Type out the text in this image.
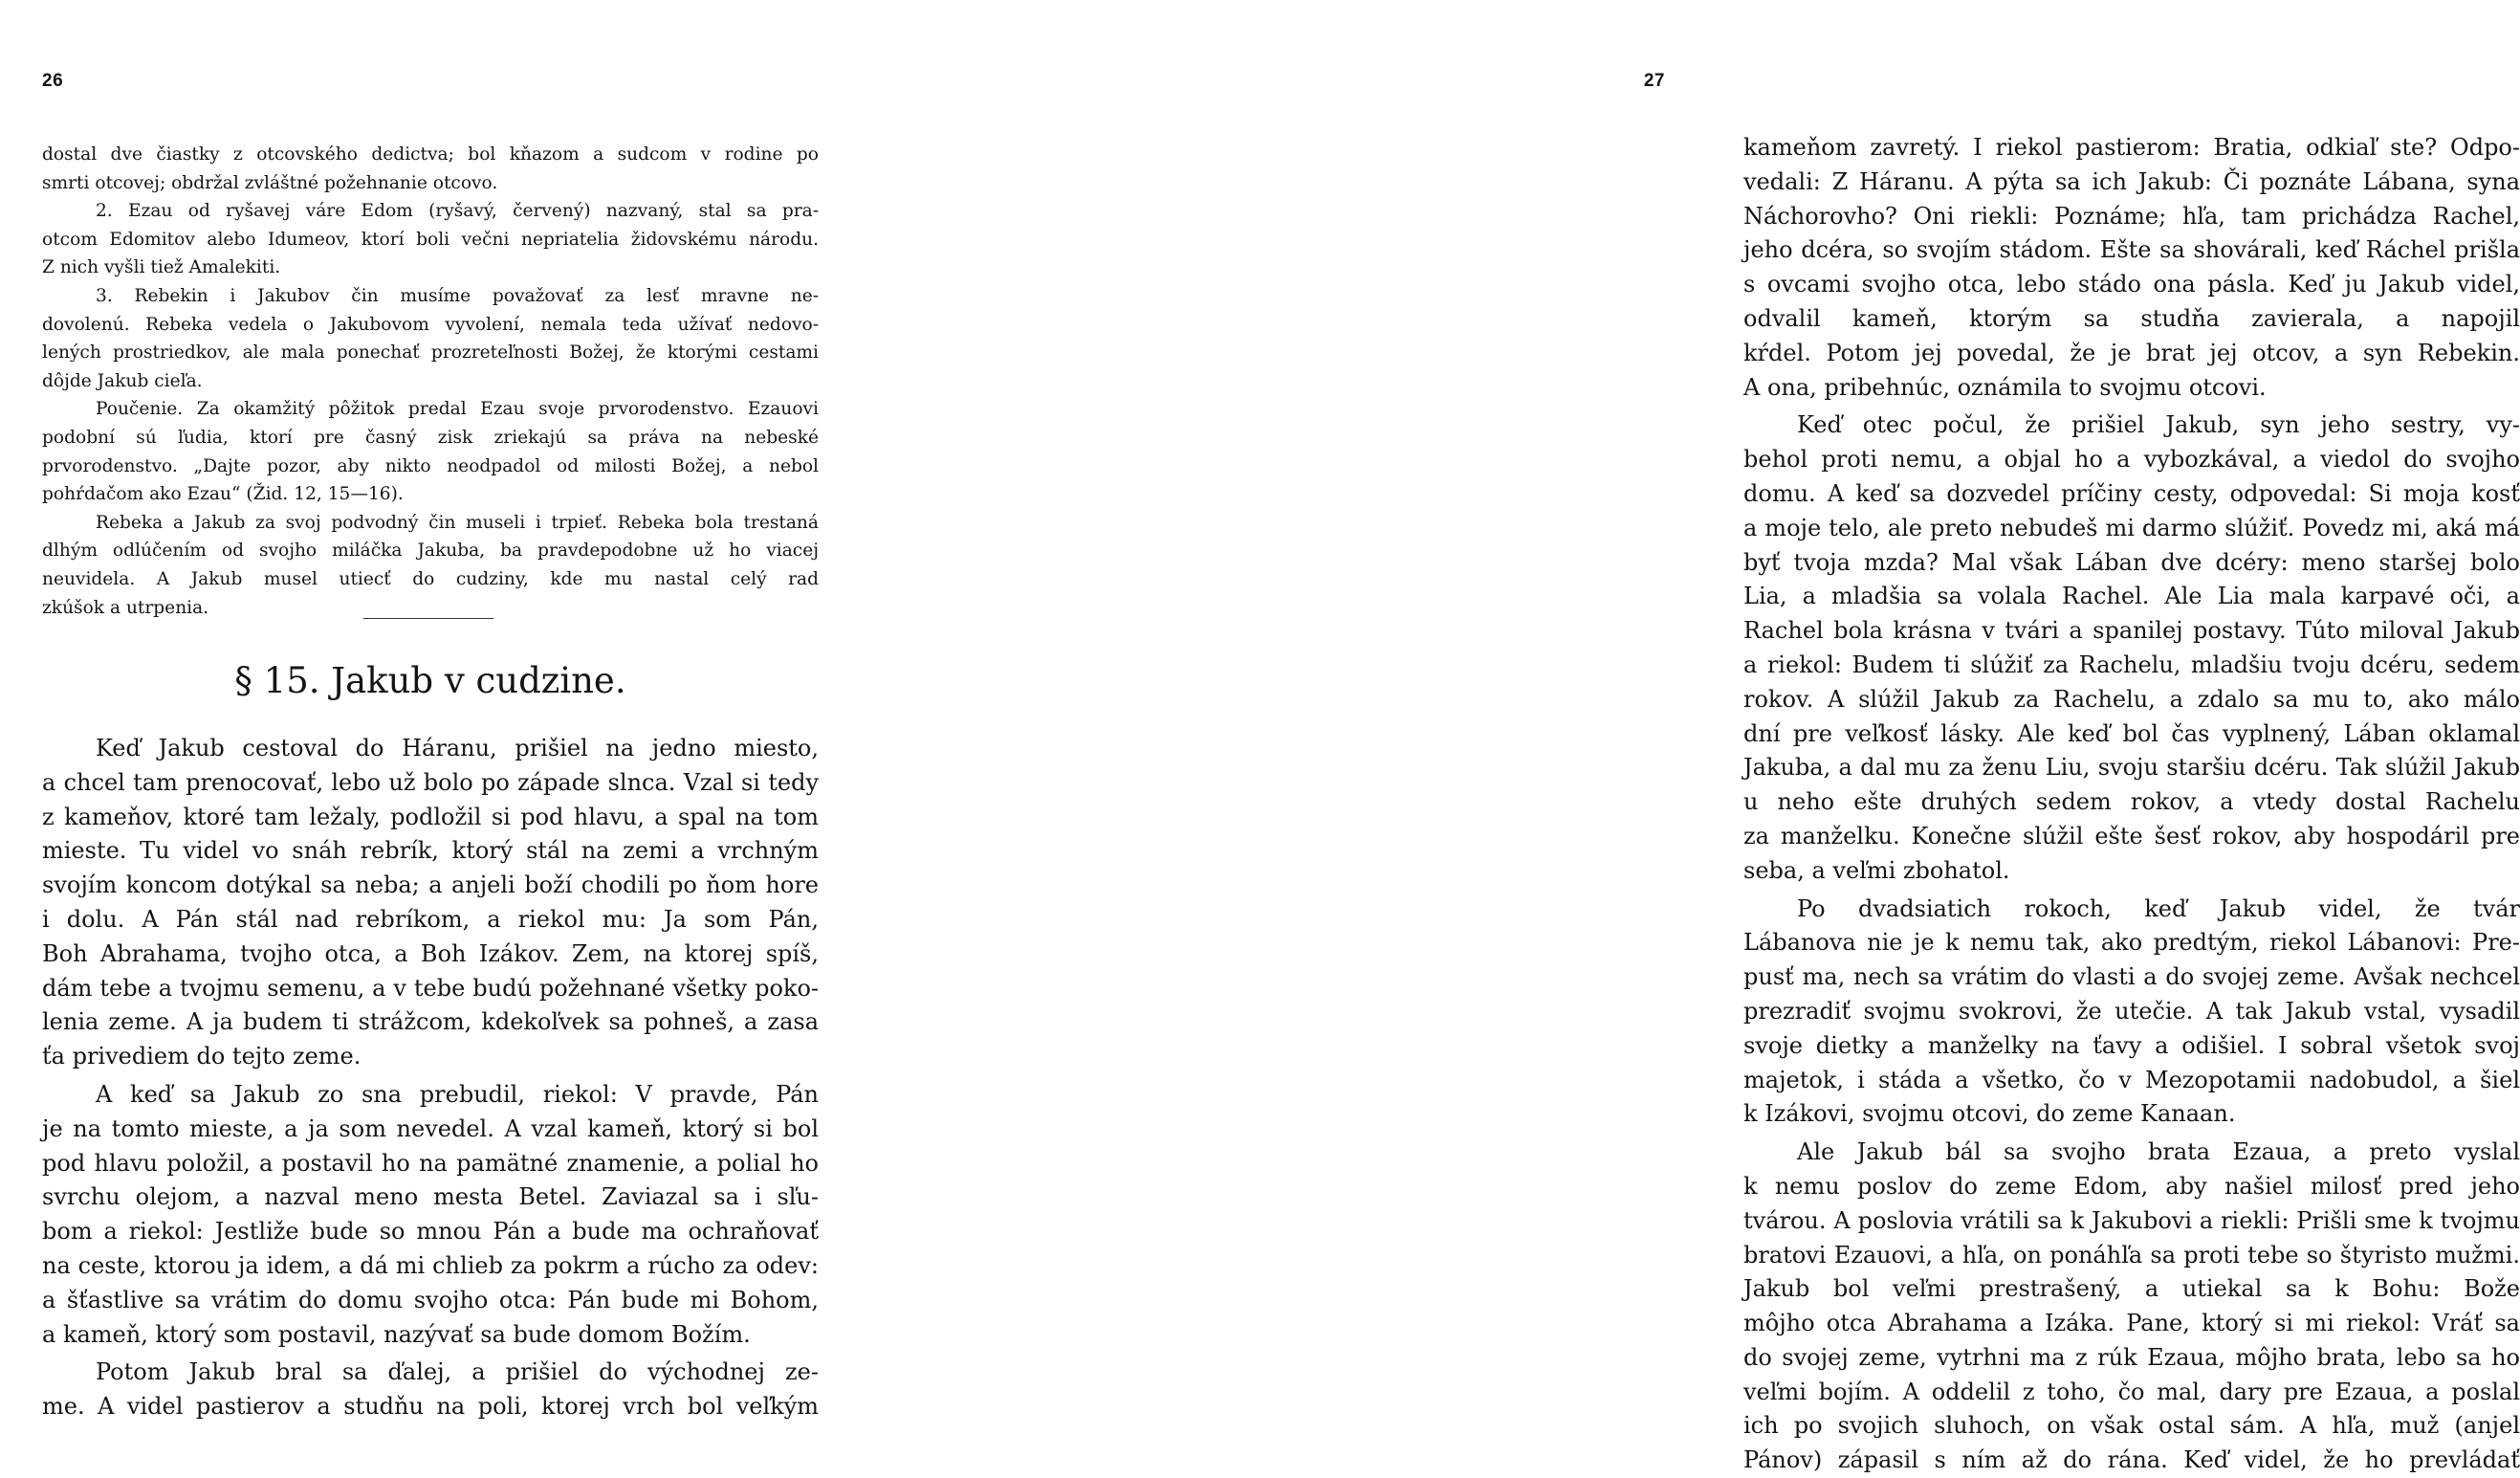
26

dostal dve čiastky z otcovského dedictva; bol kňazom a sudcom v rodine po

smrti otcovej; obdržal zvláštné požehnanie otcovo.

2. Ezau od ryšavej váre Edom (ryšavý, červený) nazvaný, stal sa pra-

otcom Edomitov alebo Idumeov, ktorí boli večni nepriatelia židovskému národu.

Z nich vyšli tiež Amalekiti.

3. Rebekin i Jakubov čin musíme považovať za lesť mravne ne-

dovolenú. Rebeka vedela o Jakubovom vyvolení, nemala teda užívať nedovo-

lených prostriedkov, ale mala ponechať prozreteľnosti Božej, že ktorými cestami

dôjde Jakub cieľa.

Poučenie. Za okamžitý pôžitok predal Ezau svoje prvorodenstvo. Ezauovi

podobní sú ľudia, ktorí pre časný zisk zriekajú sa práva na nebeské

prvorodenstvo. „Dajte pozor, aby nikto neodpadol od milosti Božej, a nebol

pohŕdačom ako Ezau“ (Žid. 12, 15—16).

Rebeka a Jakub za svoj podvodný čin museli i trpieť. Rebeka bola trestaná

dlhým odlúčením od svojho miláčka Jakuba, ba pravdepodobne už ho viacej

neuvidela. A Jakub musel utiecť do cudziny, kde mu nastal celý rad

zkúšok a utrpenia.

§ 15. Jakub v cudzine.

Keď Jakub cestoval do Háranu, prišiel na jedno miesto,

a chcel tam prenocovať, lebo už bolo po západe slnca. Vzal si tedy

z kameňov, ktoré tam ležaly, podložil si pod hlavu, a spal na tom

mieste. Tu videl vo snáh rebrík, ktorý stál na zemi a vrchným

svojím koncom dotýkal sa neba; a anjeli boží chodili po ňom hore

i dolu. A Pán stál nad rebríkom, a riekol mu: Ja som Pán,

Boh Abrahama, tvojho otca, a Boh Izákov. Zem, na ktorej spíš,

dám tebe a tvojmu semenu, a v tebe budú požehnané všetky poko-

lenia zeme. A ja budem ti strážcom, kdekoľvek sa pohneš, a zasa

ťa privediem do tejto zeme.

A keď sa Jakub zo sna prebudil, riekol: V pravde, Pán

je na tomto mieste, a ja som nevedel. A vzal kameň, ktorý si bol

pod hlavu položil, a postavil ho na pamätné znamenie, a polial ho

svrchu olejom, a nazval meno mesta Betel. Zaviazal sa i sľu-

bom a riekol: Jestliže bude so mnou Pán a bude ma ochraňovať

na ceste, ktorou ja idem, a dá mi chlieb za pokrm a rúcho za odev:

a šťastlive sa vrátim do domu svojho otca: Pán bude mi Bohom,

a kameň, ktorý som postavil, nazývať sa bude domom Božím.

Potom Jakub bral sa ďalej, a prišiel do východnej ze-

me. A videl pastierov a studňu na poli, ktorej vrch bol veľkým

27

kameňom zavretý. I riekol pastierom: Bratia, odkiaľ ste? Odpo-

vedali: Z Háranu. A pýta sa ich Jakub: Či poznáte Lábana, syna

Náchorovho? Oni riekli: Poznáme; hľa, tam prichádza Rachel,

jeho dcéra, so svojím stádom. Ešte sa shovárali, keď Ráchel prišla

s ovcami svojho otca, lebo stádo ona pásla. Keď ju Jakub videl,

odvalil kameň, ktorým sa studňa zavierala, a napojil

kŕdel. Potom jej povedal, že je brat jej otcov, a syn Rebekin.

A ona, pribehnúc, oznámila to svojmu otcovi.

Keď otec počul, že prišiel Jakub, syn jeho sestry, vy-

behol proti nemu, a objal ho a vybozkával, a viedol do svojho

domu. A keď sa dozvedel príčiny cesty, odpovedal: Si moja kosť

a moje telo, ale preto nebudeš mi darmo slúžiť. Povedz mi, aká má

byť tvoja mzda? Mal však Lában dve dcéry: meno staršej bolo

Lia, a mladšia sa volala Rachel. Ale Lia mala karpavé oči, a

Rachel bola krásna v tvári a spanilej postavy. Túto miloval Jakub

a riekol: Budem ti slúžiť za Rachelu, mladšiu tvoju dcéru, sedem

rokov. A slúžil Jakub za Rachelu, a zdalo sa mu to, ako málo

dní pre veľkosť lásky. Ale keď bol čas vyplnený, Lában oklamal

Jakuba, a dal mu za ženu Liu, svoju staršiu dcéru. Tak slúžil Jakub

u neho ešte druhých sedem rokov, a vtedy dostal Rachelu

za manželku. Konečne slúžil ešte šesť rokov, aby hospodáril pre

seba, a veľmi zbohatol.

Po dvadsiatich rokoch, keď Jakub videl, že tvár

Lábanova nie je k nemu tak, ako predtým, riekol Lábanovi: Pre-

pusť ma, nech sa vrátim do vlasti a do svojej zeme. Avšak nechcel

prezradiť svojmu svokrovi, že utečie. A tak Jakub vstal, vysadil

svoje dietky a manželky na ťavy a odišiel. I sobral všetok svoj

majetok, i stáda a všetko, čo v Mezopotamii nadobudol, a šiel

k Izákovi, svojmu otcovi, do zeme Kanaan.

Ale Jakub bál sa svojho brata Ezaua, a preto vyslal

k nemu poslov do zeme Edom, aby našiel milosť pred jeho

tvárou. A poslovia vrátili sa k Jakubovi a riekli: Prišli sme k tvojmu

bratovi Ezauovi, a hľa, on ponáhľa sa proti tebe so štyristo mužmi.

Jakub bol veľmi prestrašený, a utiekal sa k Bohu: Bože

môjho otca Abrahama a Izáka. Pane, ktorý si mi riekol: Vráť sa

do svojej zeme, vytrhni ma z rúk Ezaua, môjho brata, lebo sa ho

veľmi bojím. A oddelil z toho, čo mal, dary pre Ezaua, a poslal

ich po svojich sluhoch, on však ostal sám. A hľa, muž (anjel

Pánov) zápasil s ním až do rána. Keď videl, že ho prevládať
